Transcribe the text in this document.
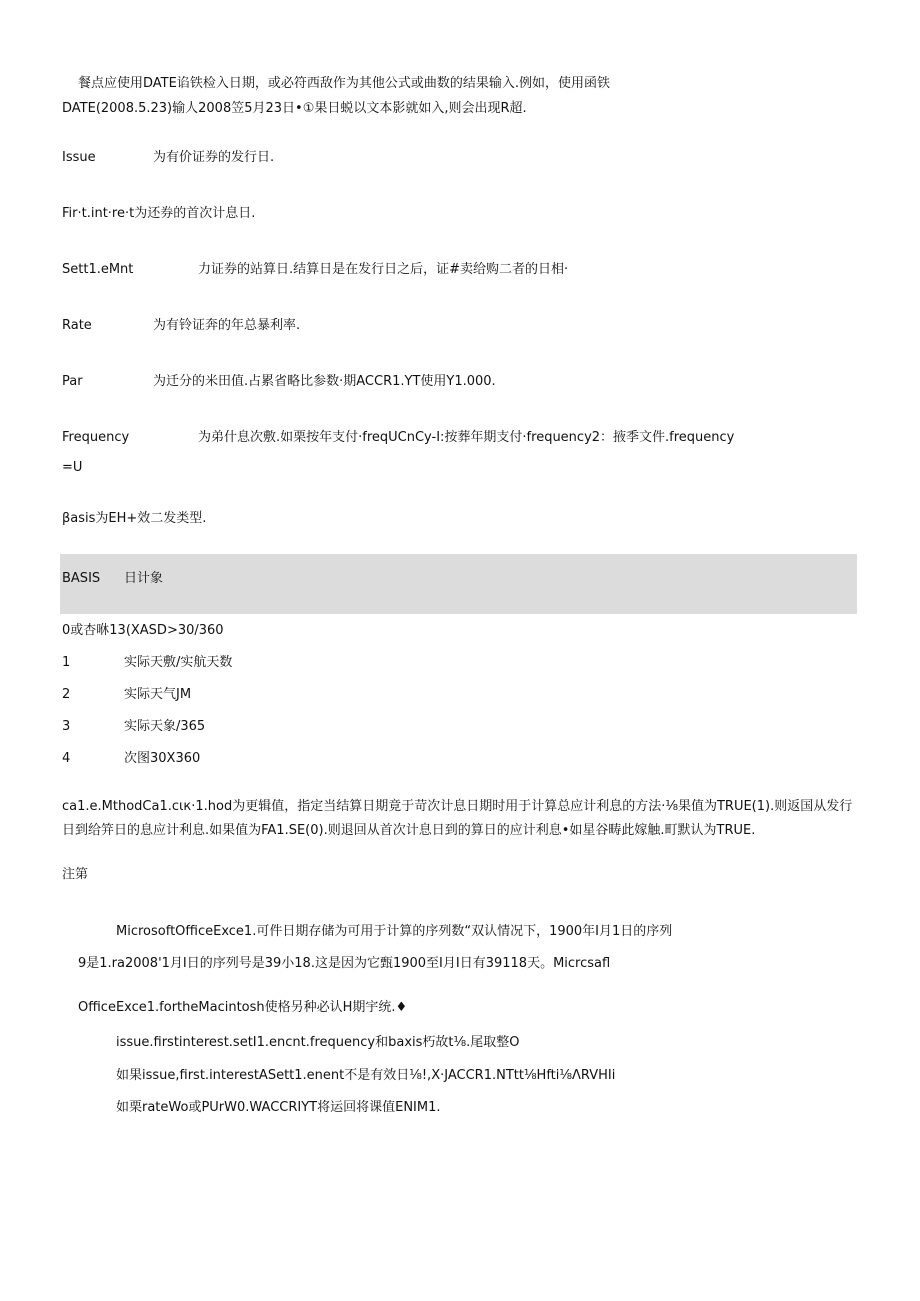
餐点应使用DATE谄铁检入日期，或必符西敌作为其他公式或曲数的结果输入.例如，使用函铁
DATE(2008.5.23)输人2008笠5月23日•①果日蜕以文本影就如入,则会出现R超.
Issue	为有价证券的发行日.
Fir·t.int·re·t为还券的首次计息日.
Sett1.eMnt	力证券的站算日.结算日是在发行日之后，证#卖给购二者的日相·
Rate	为有铃证奔的年总暴利率.
Par	为迁分的米田值.占累省略比参数·期ACCR1.YT使用Y1.000.
Frequency	为弟什息次敷.如栗按年支付·freqUCnCy-I:按葬年期支付·frequency2：掖季文件.frequency
=U
βasis为EH+效二发类型.
BASIS 日计象
0或杏咻13(XASD>30/360
1	实际天敷/实航天数
2	实际天气JM
3	实际天象/365
4	次图30X360
ca1.e.MthodCa1.cιк·1.hod为更辑值，指定当结算日期竟于苛次计息日期时用于计算总应计利息的方法·⅛果值为TRUE(1).则返国从发行
日到给笄日的息应计利息.如果值为FA1.SE(0).则退回从首次计息日到的算日的应计利息•如星谷畴此嫁触.町默认为TRUE.
注第
MicrosoftOfficeExce1.可件日期存储为可用于计算的序列数“双认情况下，1900年I月1日的序列
9是1.ra2008'1月I日的序列号是39小18.这是因为它甄1900至I月I日有39118天。Micrcsafl
OfficeExce1.fortheMacintosh使格另种必认H期宇统.♦
issue.firstinterest.setI1.encnt.frequency和baxis朽故t⅛.尾取整O
如果issue,first.interestASett1.enent不是有效日⅛!,X·JACCR1.NTtt⅛Hfti⅛ΛRVHIi
如栗rateWo或PUrW0.WACCRIYT将运回将课值ENIM1.
